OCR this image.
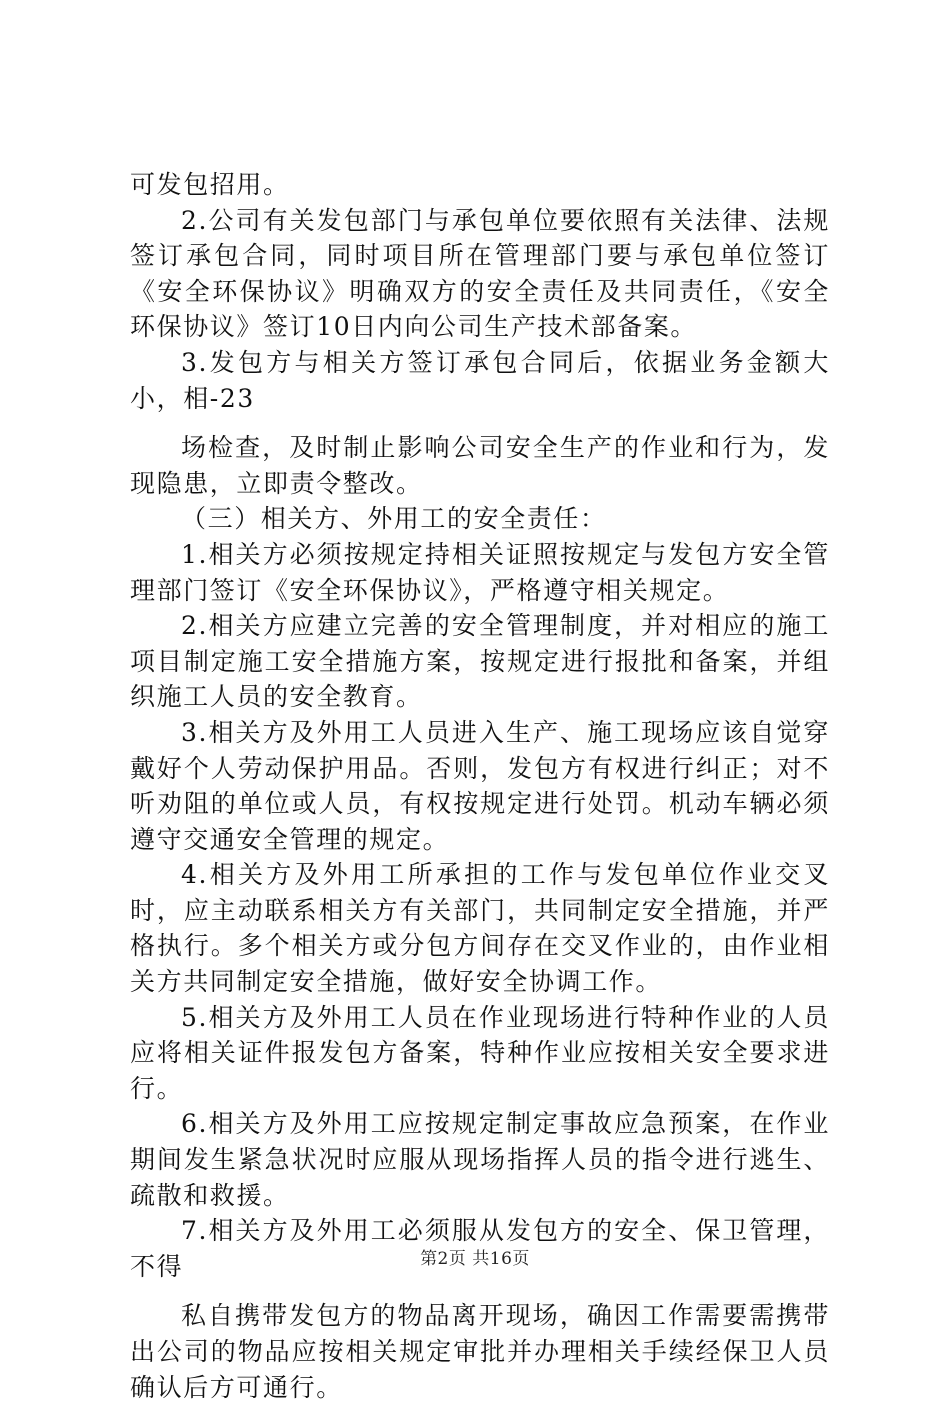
可发包招用。

2.公司有关发包部门与承包单位要依照有关法律、法规签订承包合同，同时项目所在管理部门要与承包单位签订《安全环保协议》明确双方的安全责任及共同责任，《安全环保协议》签订10日内向公司生产技术部备案。

3.发包方与相关方签订承包合同后，依据业务金额大小，相-23

场检查，及时制止影响公司安全生产的作业和行为，发现隐患，立即责令整改。

（三）相关方、外用工的安全责任：

1.相关方必须按规定持相关证照按规定与发包方安全管理部门签订《安全环保协议》，严格遵守相关规定。

2.相关方应建立完善的安全管理制度，并对相应的施工项目制定施工安全措施方案，按规定进行报批和备案，并组织施工人员的安全教育。

3.相关方及外用工人员进入生产、施工现场应该自觉穿戴好个人劳动保护用品。否则，发包方有权进行纠正；对不听劝阻的单位或人员，有权按规定进行处罚。机动车辆必须遵守交通安全管理的规定。

4.相关方及外用工所承担的工作与发包单位作业交叉时，应主动联系相关方有关部门，共同制定安全措施，并严格执行。多个相关方或分包方间存在交叉作业的，由作业相关方共同制定安全措施，做好安全协调工作。

5.相关方及外用工人员在作业现场进行特种作业的人员应将相关证件报发包方备案，特种作业应按相关安全要求进行。

6.相关方及外用工应按规定制定事故应急预案，在作业期间发生紧急状况时应服从现场指挥人员的指令进行逃生、疏散和救援。

7.相关方及外用工必须服从发包方的安全、保卫管理，不得

私自携带发包方的物品离开现场，确因工作需要需携带出公司的物品应按相关规定审批并办理相关手续经保卫人员确认后方可通行。

第2页 共16页
